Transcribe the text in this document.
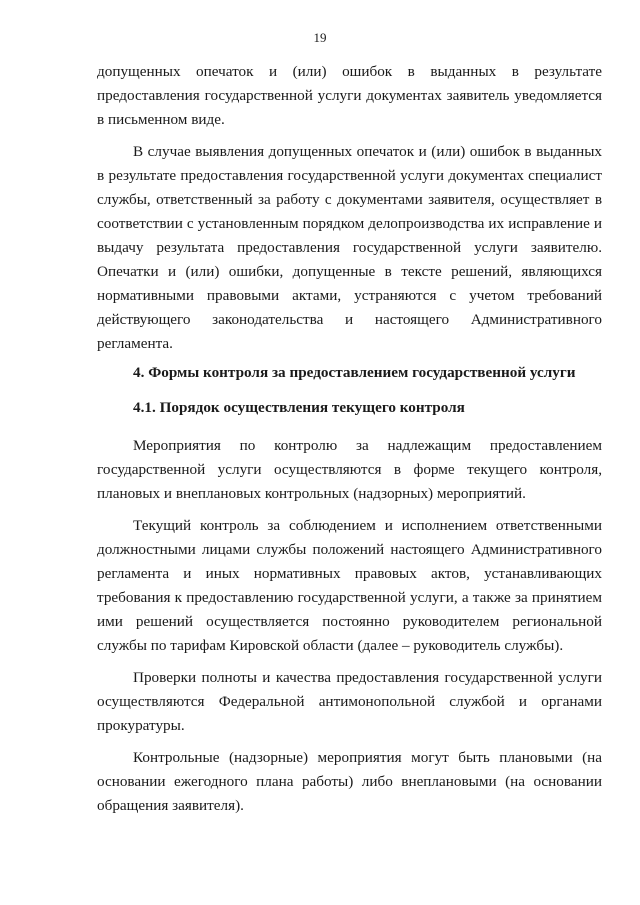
19

допущенных опечаток и (или) ошибок в выданных в результате предоставления государственной услуги документах заявитель уведомляется в письменном виде.

В случае выявления допущенных опечаток и (или) ошибок в выданных в результате предоставления государственной услуги документах специалист службы, ответственный за работу с документами заявителя, осуществляет в соответствии с установленным порядком делопроизводства их исправление и выдачу результата предоставления государственной услуги заявителю. Опечатки и (или) ошибки, допущенные в тексте решений, являющихся нормативными правовыми актами, устраняются с учетом требований действующего законодательства и настоящего Административного регламента.

4. Формы контроля за предоставлением государственной услуги

4.1. Порядок осуществления текущего контроля

Мероприятия по контролю за надлежащим предоставлением государственной услуги осуществляются в форме текущего контроля, плановых и внеплановых контрольных (надзорных) мероприятий.

Текущий контроль за соблюдением и исполнением ответственными должностными лицами службы положений настоящего Административного регламента и иных нормативных правовых актов, устанавливающих требования к предоставлению государственной услуги, а также за принятием ими решений осуществляется постоянно руководителем региональной службы по тарифам Кировской области (далее – руководитель службы).

Проверки полноты и качества предоставления государственной услуги осуществляются Федеральной антимонопольной службой и органами прокуратуры.

Контрольные (надзорные) мероприятия могут быть плановыми (на основании ежегодного плана работы) либо внеплановыми (на основании обращения заявителя).
